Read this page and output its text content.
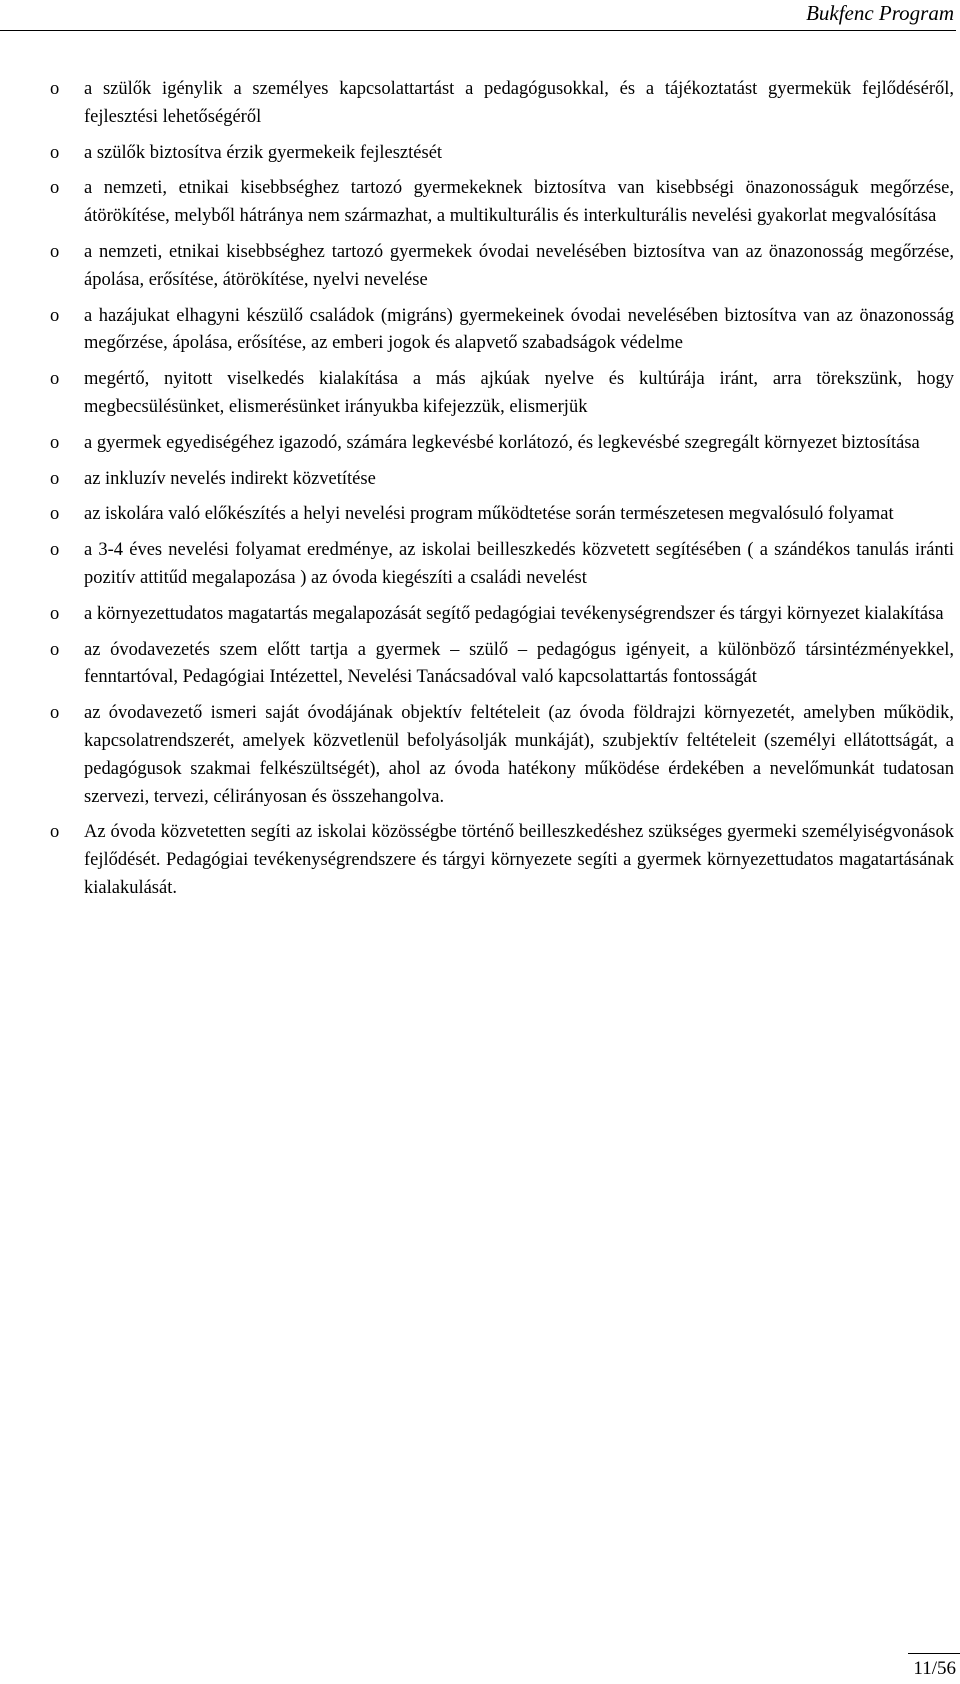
Bukfenc Program
o	a szülők igénylik a személyes kapcsolattartást a pedagógusokkal, és a tájékoztatást gyermekük fejlődéséről, fejlesztési lehetőségéről
o	a szülők biztosítva érzik gyermekeik fejlesztését
o	a nemzeti, etnikai kisebbséghez tartozó gyermekeknek biztosítva van kisebbségi önazonosságuk megőrzése, átörökítése, melyből hátránya nem származhat, a multikulturális és interkulturális nevelési gyakorlat megvalósítása
o	a nemzeti, etnikai kisebbséghez tartozó gyermekek óvodai nevelésében biztosítva van az önazonosság megőrzése, ápolása, erősítése, átörökítése, nyelvi nevelése
o	a hazájukat elhagyni készülő családok (migráns) gyermekeinek óvodai nevelésében biztosítva van az önazonosság megőrzése, ápolása, erősítése, az emberi jogok és alapvető szabadságok védelme
o	megértő, nyitott viselkedés kialakítása a más ajkúak nyelve és kultúrája iránt, arra törekszünk, hogy megbecsülésünket, elismerésünket irányukba kifejezzük, elismerjük
o	a gyermek egyediségéhez igazodó, számára legkevésbé korlátozó, és legkevésbé szegregált környezet biztosítása
o	az inkluzív nevelés indirekt közvetítése
o	az iskolára való előkészítés a helyi nevelési program működtetése során természetesen megvalósuló folyamat
o	a 3-4 éves nevelési folyamat eredménye, az iskolai beilleszkedés közvetett segítésében ( a szándékos tanulás iránti pozitív attitűd megalapozása ) az óvoda kiegészíti a családi nevelést
o	a környezettudatos magatartás megalapozását segítő pedagógiai tevékenységrendszer és tárgyi környezet kialakítása
o	az óvodavezetés szem előtt tartja a gyermek – szülő – pedagógus igényeit, a különböző társintézményekkel, fenntartóval, Pedagógiai Intézettel, Nevelési Tanácsadóval való kapcsolattartás fontosságát
o	az óvodavezető ismeri saját óvodájának objektív feltételeit (az óvoda földrajzi környezetét, amelyben működik, kapcsolatrendszerét, amelyek közvetlenül befolyásolják munkáját), szubjektív feltételeit (személyi ellátottságát, a pedagógusok szakmai felkészültségét), ahol az óvoda hatékony működése érdekében a nevelőmunkát tudatosan szervezi, tervezi, célirányosan és összehangolva.
o	Az óvoda közvetetten segíti az iskolai közösségbe történő beilleszkedéshez szükséges gyermeki személyiségvonások fejlődését. Pedagógiai tevékenységrendszere és tárgyi környezete segíti a gyermek környezettudatos magatartásának kialakulását.
11/56
